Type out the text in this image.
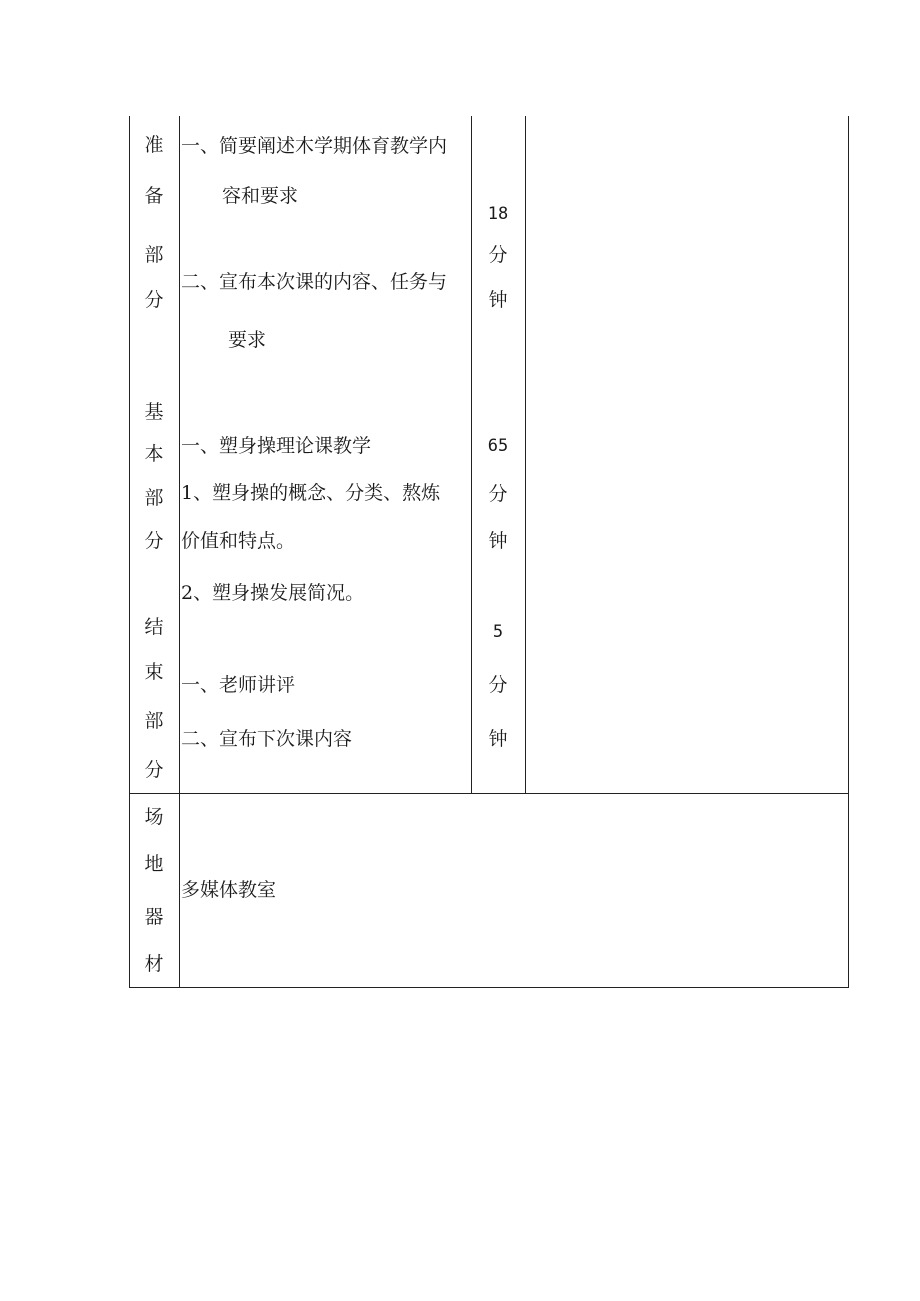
准
备
部
分
一、简要阐述木学期体育教学内
容和要求
二、宣布本次课的内容、任务与
要求
18
分
钟
基
本
部
分
一、塑身操理论课教学
1、塑身操的概念、分类、熬炼
价值和特点。
2、塑身操发展简况。
65
分
钟
结
束
部
分
一、老师讲评
二、宣布下次课内容
5
分
钟
场
地
器
材
多媒体教室
